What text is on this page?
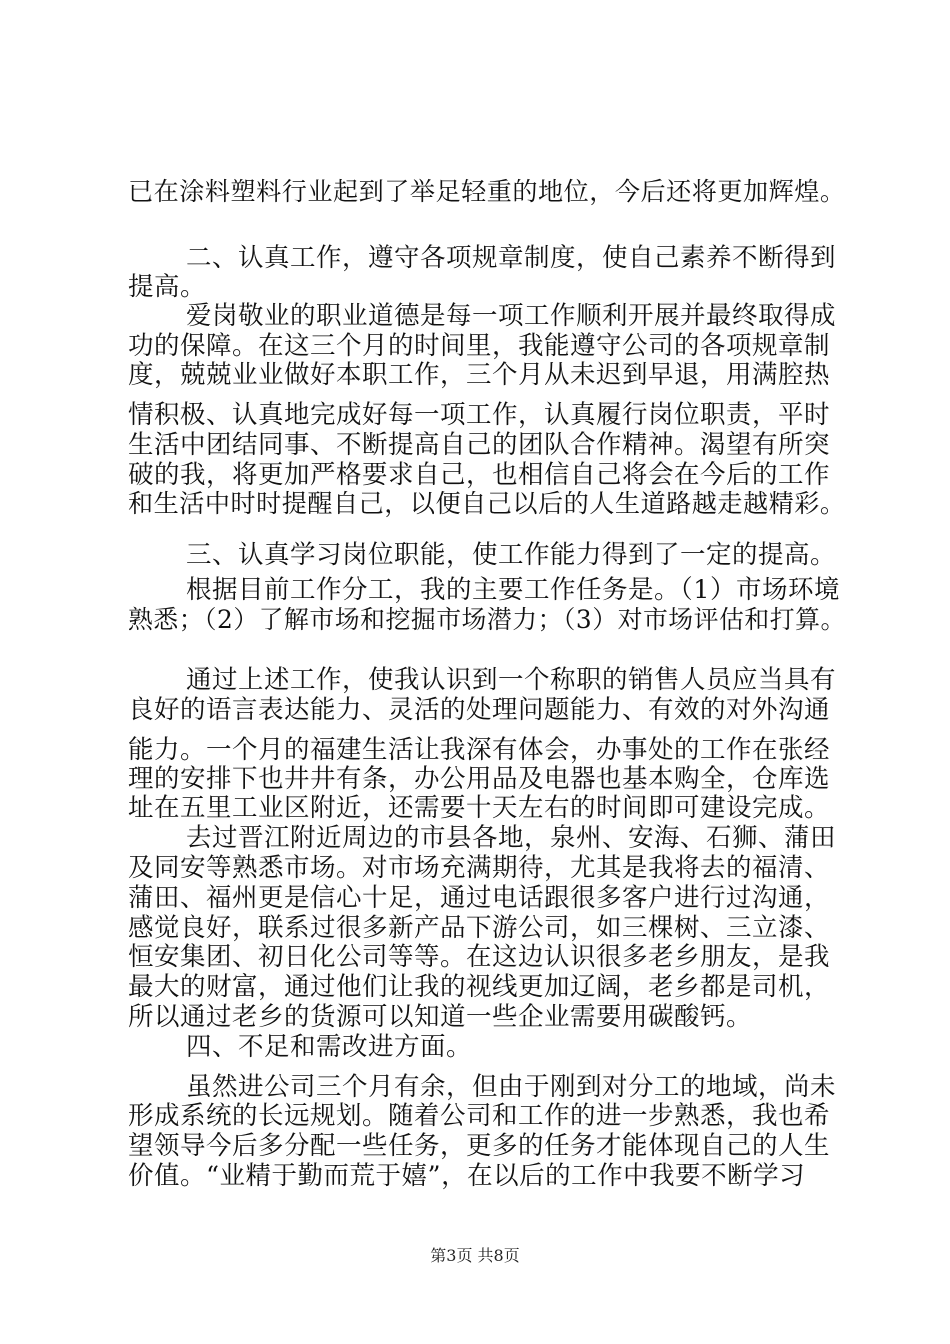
已在涂料塑料行业起到了举足轻重的地位，今后还将更加辉煌。
二、认真工作，遵守各项规章制度，使自己素养不断得到
提高。
爱岗敬业的职业道德是每一项工作顺利开展并最终取得成
功的保障。在这三个月的时间里，我能遵守公司的各项规章制
度，兢兢业业做好本职工作，三个月从未迟到早退，用满腔热
情积极、认真地完成好每一项工作，认真履行岗位职责，平时
生活中团结同事、不断提高自己的团队合作精神。渴望有所突
破的我，将更加严格要求自己，也相信自己将会在今后的工作
和生活中时时提醒自己，以便自己以后的人生道路越走越精彩。
三、认真学习岗位职能，使工作能力得到了一定的提高。
根据目前工作分工，我的主要工作任务是。（1）市场环境
熟悉；（2）了解市场和挖掘市场潜力；（3）对市场评估和打算。
通过上述工作，使我认识到一个称职的销售人员应当具有
良好的语言表达能力、灵活的处理问题能力、有效的对外沟通
能力。一个月的福建生活让我深有体会，办事处的工作在张经
理的安排下也井井有条，办公用品及电器也基本购全，仓库选
址在五里工业区附近，还需要十天左右的时间即可建设完成。
去过晋江附近周边的市县各地，泉州、安海、石狮、蒲田
及同安等熟悉市场。对市场充满期待，尤其是我将去的福清、
蒲田、福州更是信心十足，通过电话跟很多客户进行过沟通，
感觉良好，联系过很多新产品下游公司，如三棵树、三立漆、
恒安集团、初日化公司等等。在这边认识很多老乡朋友，是我
最大的财富，通过他们让我的视线更加辽阔，老乡都是司机，
所以通过老乡的货源可以知道一些企业需要用碳酸钙。
四、不足和需改进方面。
虽然进公司三个月有余，但由于刚到对分工的地域，尚未
形成系统的长远规划。随着公司和工作的进一步熟悉，我也希
望领导今后多分配一些任务，更多的任务才能体现自己的人生
价值。“业精于勤而荒于嬉”，在以后的工作中我要不断学习
第3页 共8页
